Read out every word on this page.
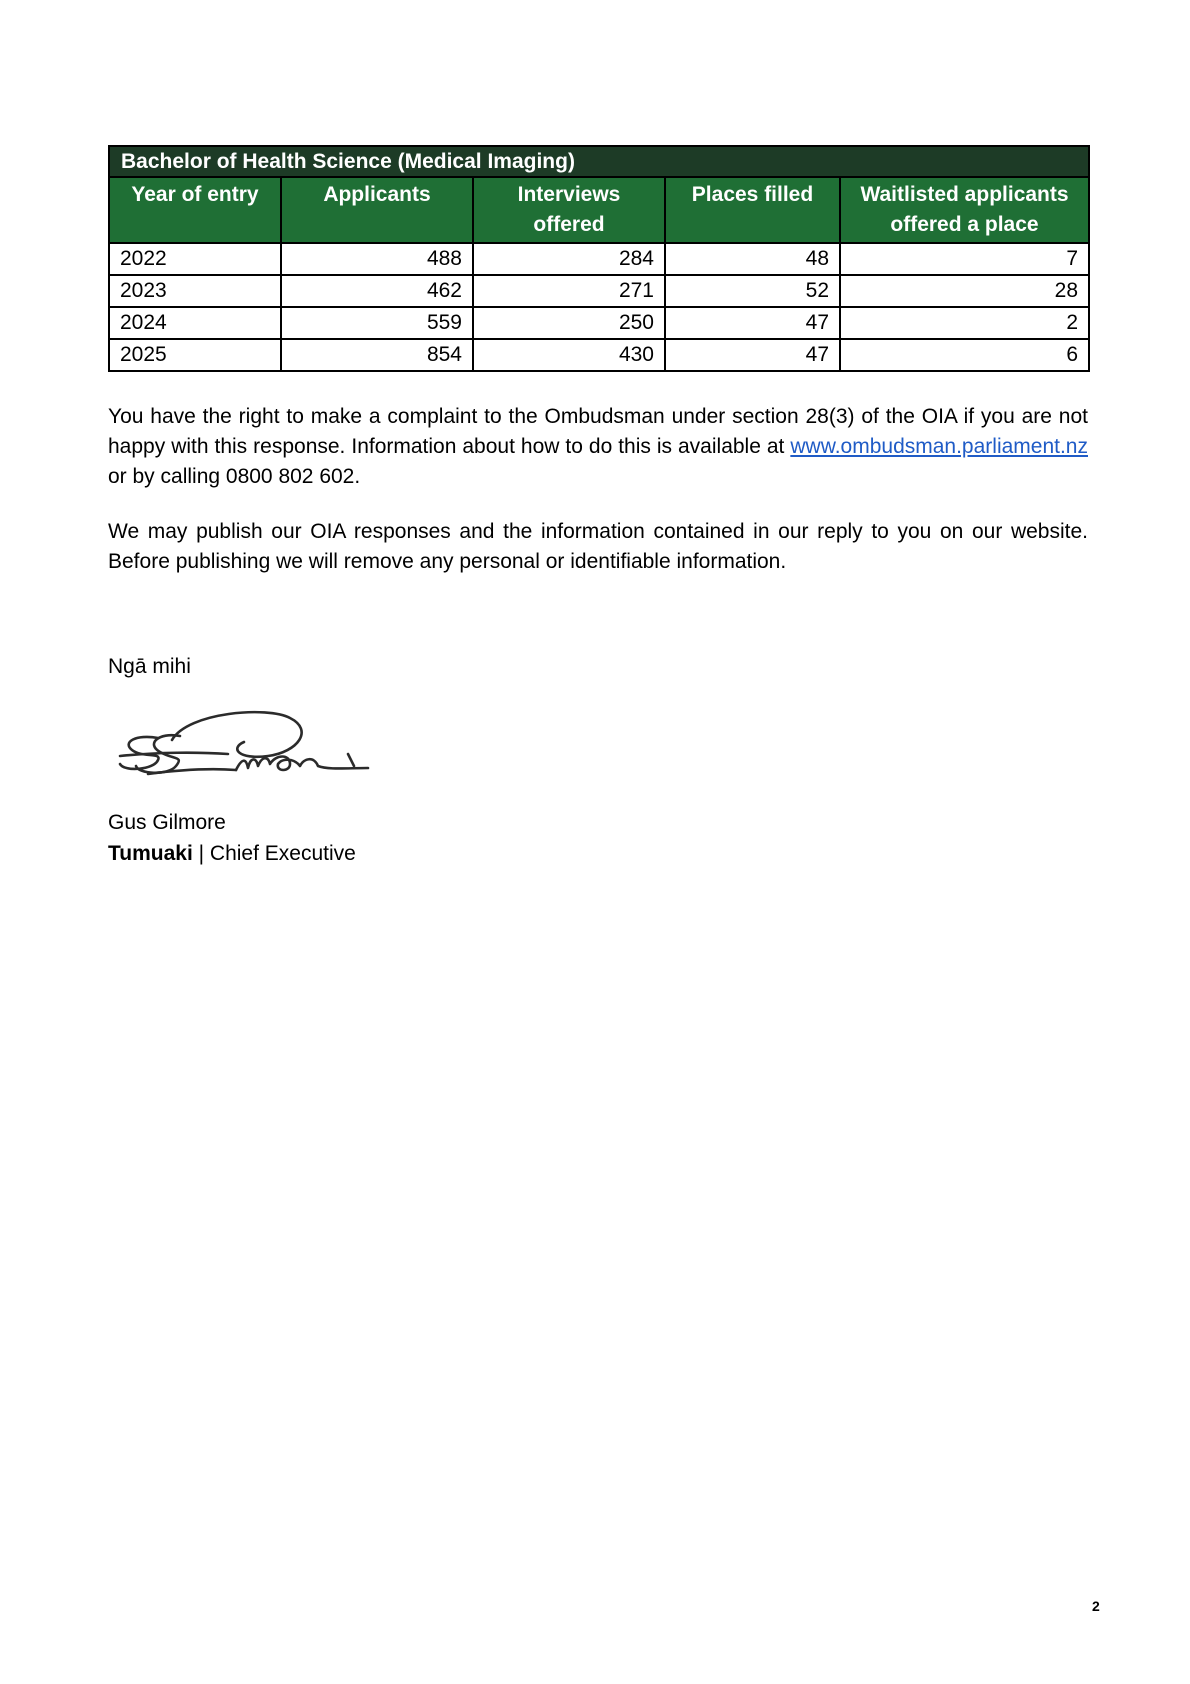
Bachelor of Health Science (Medical Imaging)				
Year of entry	Applicants	Interviews offered	Places filled	Waitlisted applicants offered a place
2022	488	284	48	7
2023	462	271	52	28
2024	559	250	47	2
2025	854	430	47	6

You have the right to make a complaint to the Ombudsman under section 28(3) of the OIA if you are not happy with this response. Information about how to do this is available at www.ombudsman.parliament.nz or by calling 0800 802 602.

We may publish our OIA responses and the information contained in our reply to you on our website. Before publishing we will remove any personal or identifiable information.

Ngā mihi
Gus Gilmore
Tumuaki | Chief Executive
2
